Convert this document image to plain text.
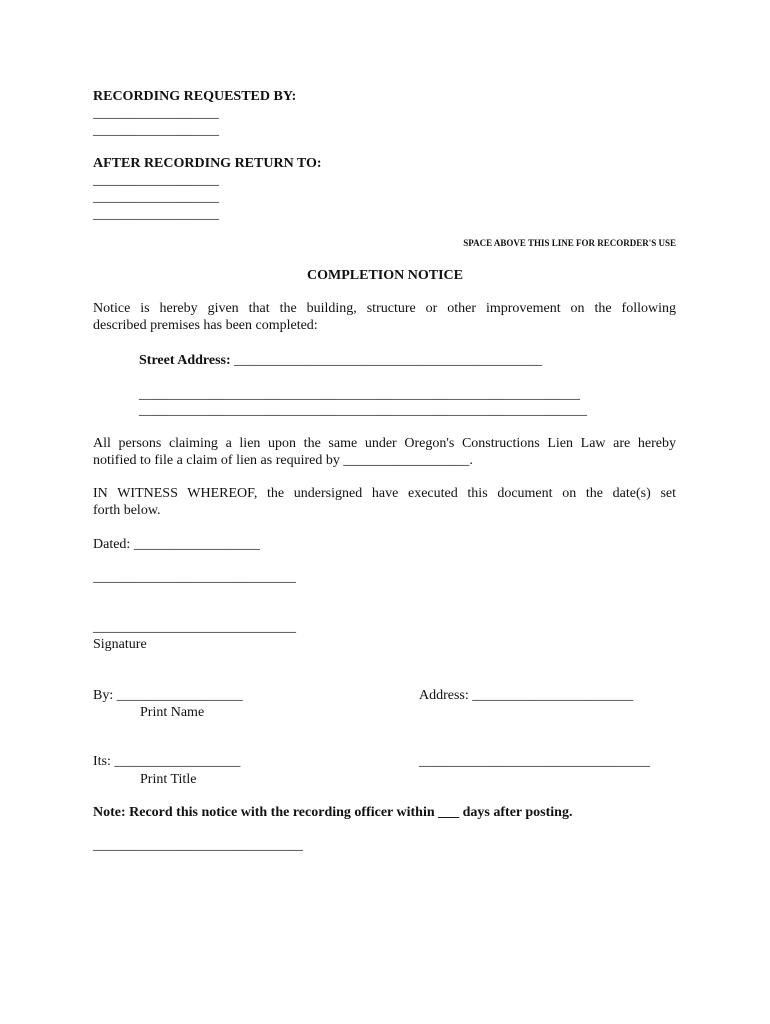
RECORDING REQUESTED BY:
__________________
__________________
AFTER RECORDING RETURN TO:
__________________
__________________
__________________
SPACE ABOVE THIS LINE FOR RECORDER'S USE
COMPLETION NOTICE
Notice is hereby given that the building, structure or other improvement on the following
described premises has been completed:
Street Address: ____________________________________________
_______________________________________________________________
________________________________________________________________
All persons claiming a lien upon the same under Oregon's Constructions Lien Law are hereby
notified to file a claim of lien as required by __________________.
IN WITNESS WHEREOF, the undersigned have executed this document on the date(s) set
forth below.
Dated: __________________
_____________________________
_____________________________
Signature
By: __________________	Address: _______________________
Print Name
Its: __________________	_________________________________
Print Title
Note: Record this notice with the recording officer within ___ days after posting.
______________________________
